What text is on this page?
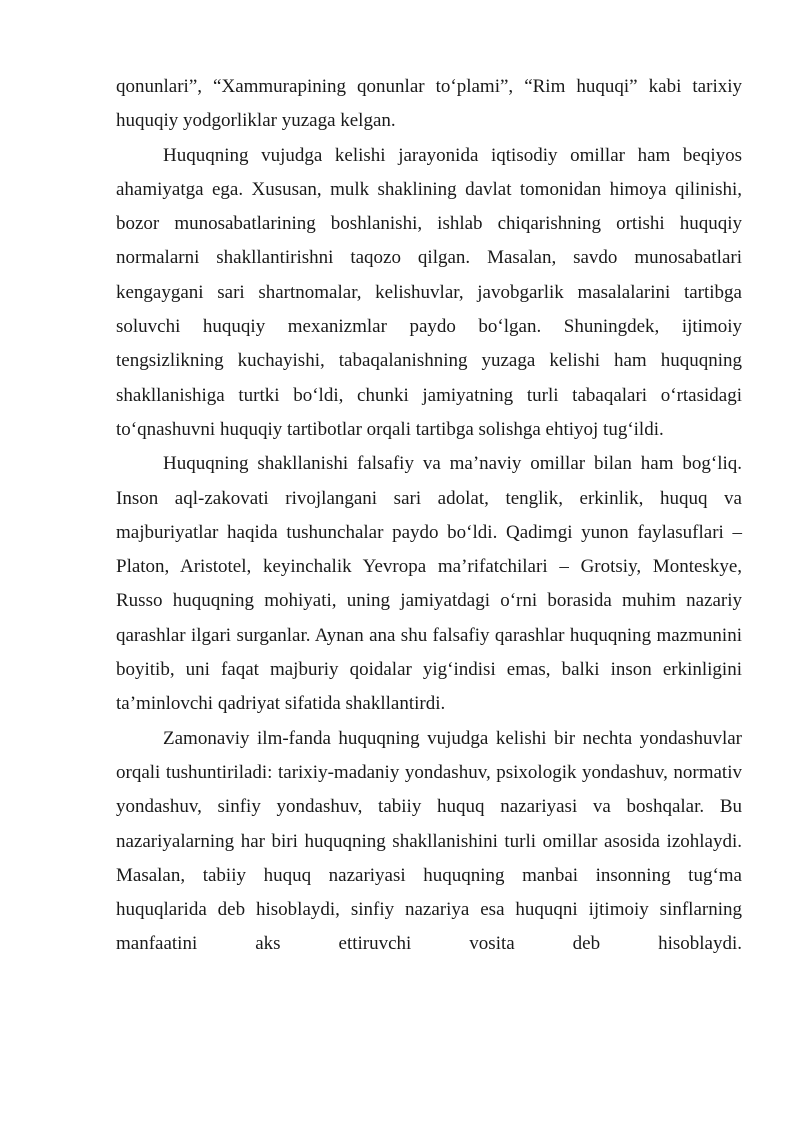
qonunlari”, “Xammurapining qonunlar to‘plami”, “Rim huquqi” kabi tarixiy huquqiy yodgorliklar yuzaga kelgan.

Huquqning vujudga kelishi jarayonida iqtisodiy omillar ham beqiyos ahamiyatga ega. Xususan, mulk shaklining davlat tomonidan himoya qilinishi, bozor munosabatlarining boshlanishi, ishlab chiqarishning ortishi huquqiy normalarni shakllantirishni taqozo qilgan. Masalan, savdo munosabatlari kengaygani sari shartnomalar, kelishuvlar, javobgarlik masalalarini tartibga soluvchi huquqiy mexanizmlar paydo bo‘lgan. Shuningdek, ijtimoiy tengsizlikning kuchayishi, tabaqalanishning yuzaga kelishi ham huquqning shakllanishiga turtki bo‘ldi, chunki jamiyatning turli tabaqalari o‘rtasidagi to‘qnashuvni huquqiy tartibotlar orqali tartibga solishga ehtiyoj tug‘ildi.

Huquqning shakllanishi falsafiy va ma’naviy omillar bilan ham bog‘liq. Inson aql-zakovati rivojlangani sari adolat, tenglik, erkinlik, huquq va majburiyatlar haqida tushunchalar paydo bo‘ldi. Qadimgi yunon faylasuflari – Platon, Aristotel, keyinchalik Yevropa ma’rifatchilari – Grotsiy, Monteskye, Russo huquqning mohiyati, uning jamiyatdagi o‘rni borasida muhim nazariy qarashlar ilgari surganlar. Aynan ana shu falsafiy qarashlar huquqning mazmunini boyitib, uni faqat majburiy qoidalar yig‘indisi emas, balki inson erkinligini ta’minlovchi qadriyat sifatida shakllantirdi.

Zamonaviy ilm-fanda huquqning vujudga kelishi bir nechta yondashuvlar orqali tushuntiriladi: tarixiy-madaniy yondashuv, psixologik yondashuv, normativ yondashuv, sinfiy yondashuv, tabiiy huquq nazariyasi va boshqalar. Bu nazariyalarning har biri huquqning shakllanishini turli omillar asosida izohlaydi. Masalan, tabiiy huquq nazariyasi huquqning manbai insonning tug‘ma huquqlarida deb hisoblaydi, sinfiy nazariya esa huquqni ijtimoiy sinflarning manfaatini aks ettiruvchi vosita deb hisoblaydi.
